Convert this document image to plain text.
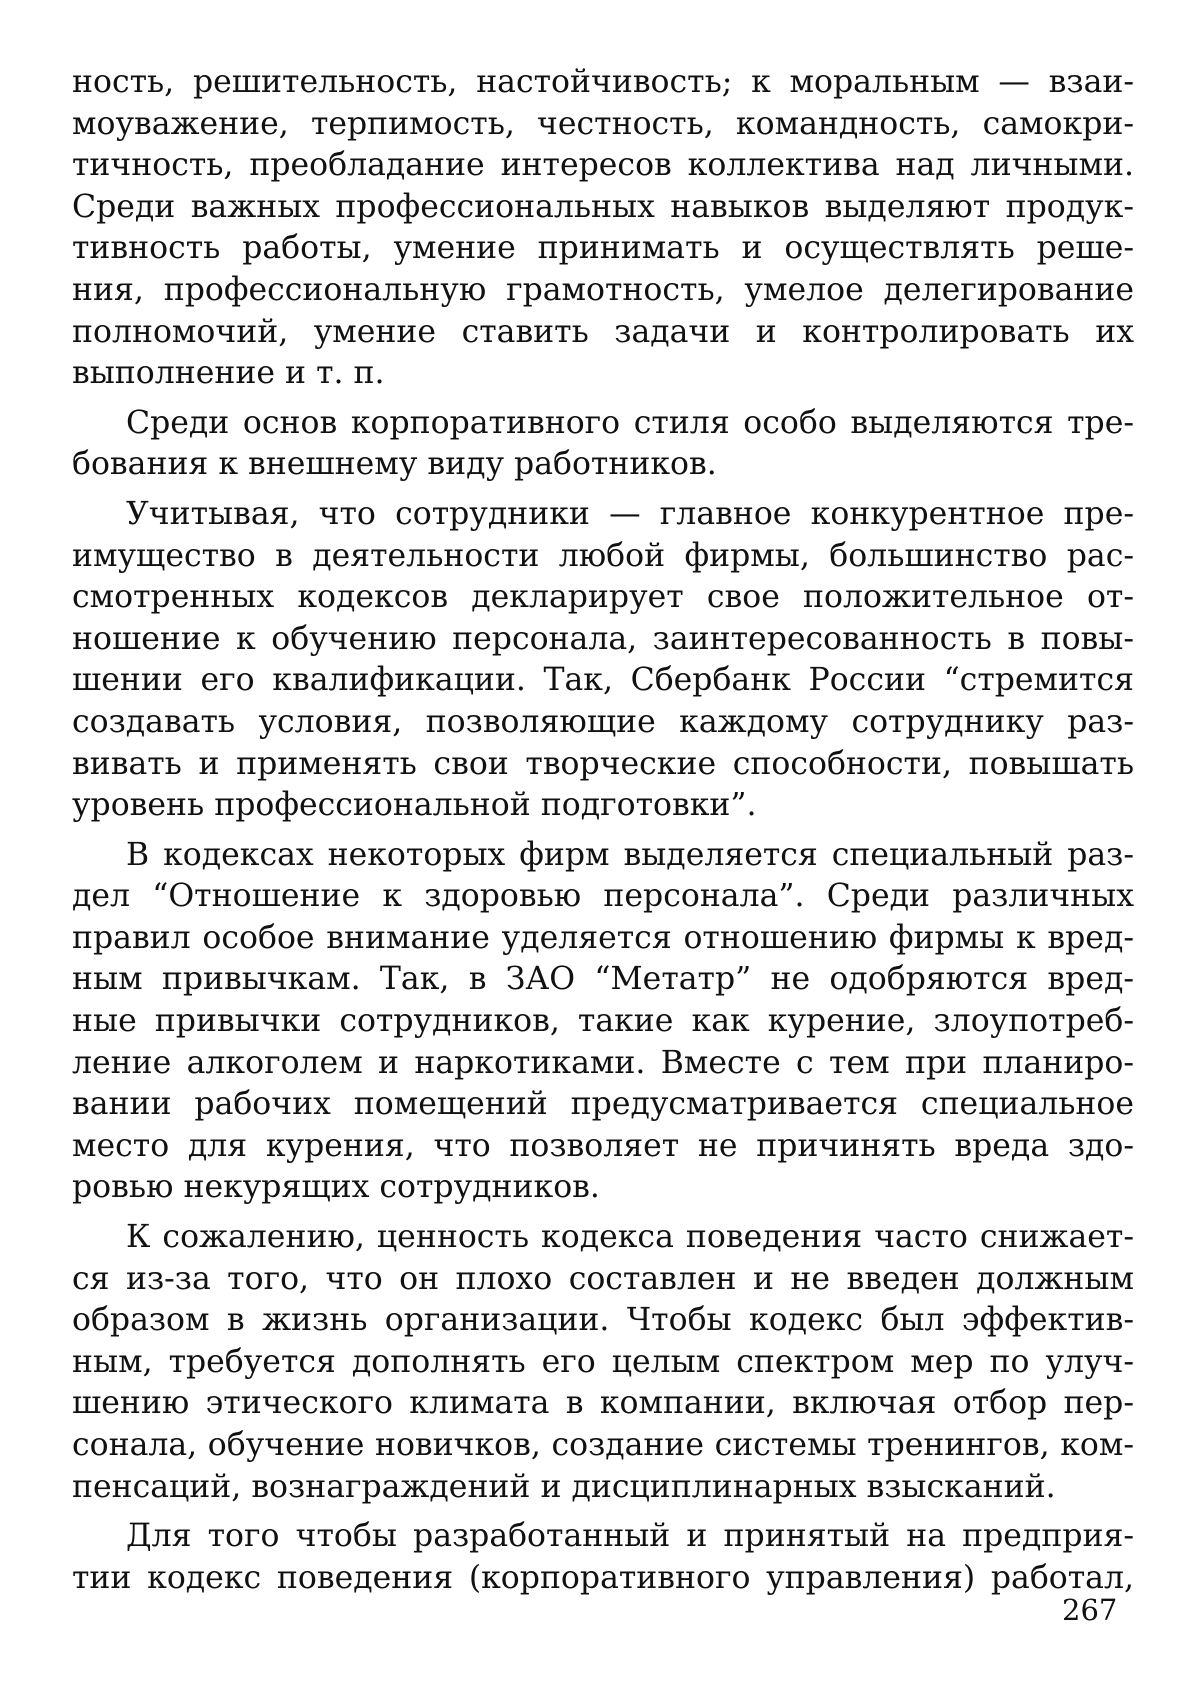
ность, решительность, настойчивость; к моральным — взаи-
моуважение, терпимость, честность, командность, самокри-
тичность, преобладание интересов коллектива над личными.
Среди важных профессиональных навыков выделяют продук-
тивность работы, умение принимать и осуществлять реше-
ния, профессиональную грамотность, умелое делегирование
полномочий, умение ставить задачи и контролировать их
выполнение и т. п.
Среди основ корпоративного стиля особо выделяются тре-
бования к внешнему виду работников.
Учитывая, что сотрудники — главное конкурентное пре-
имущество в деятельности любой фирмы, большинство рас-
смотренных кодексов декларирует свое положительное от-
ношение к обучению персонала, заинтересованность в повы-
шении его квалификации. Так, Сбербанк России “стремится
создавать условия, позволяющие каждому сотруднику раз-
вивать и применять свои творческие способности, повышать
уровень профессиональной подготовки”.
В кодексах некоторых фирм выделяется специальный раз-
дел “Отношение к здоровью персонала”. Среди различных
правил особое внимание уделяется отношению фирмы к вред-
ным привычкам. Так, в ЗАО “Метатр” не одобряются вред-
ные привычки сотрудников, такие как курение, злоупотреб-
ление алкоголем и наркотиками. Вместе с тем при планиро-
вании рабочих помещений предусматривается специальное
место для курения, что позволяет не причинять вреда здо-
ровью некурящих сотрудников.
К сожалению, ценность кодекса поведения часто снижает-
ся из-за того, что он плохо составлен и не введен должным
образом в жизнь организации. Чтобы кодекс был эффектив-
ным, требуется дополнять его целым спектром мер по улуч-
шению этического климата в компании, включая отбор пер-
сонала, обучение новичков, создание системы тренингов, ком-
пенсаций, вознаграждений и дисциплинарных взысканий.
Для того чтобы разработанный и принятый на предприя-
тии кодекс поведения (корпоративного управления) работал,
267
